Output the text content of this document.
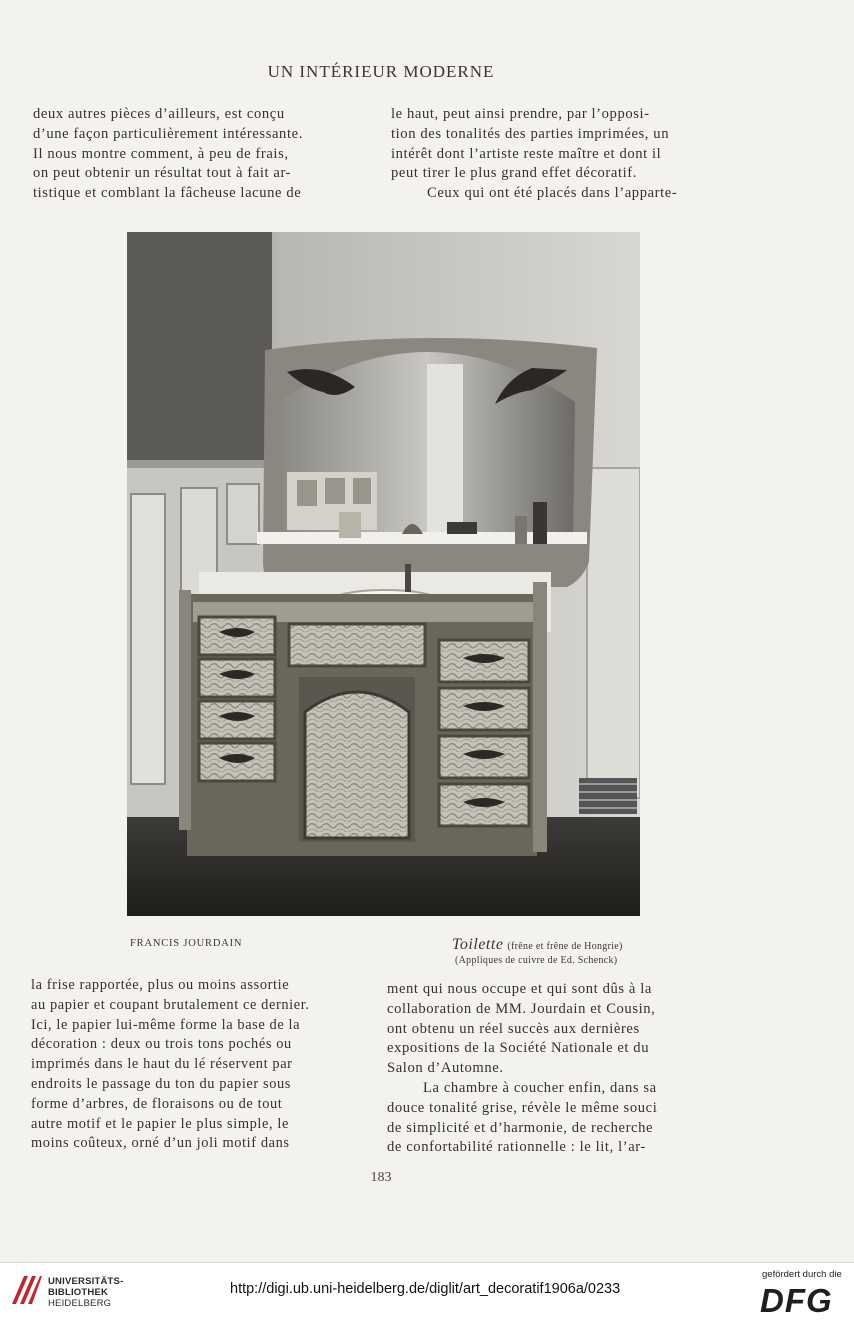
UN INTÉRIEUR MODERNE

deux autres pièces d’ailleurs, est conçu

d’une façon particulièrement intéressante.

Il nous montre comment, à peu de frais,

on peut obtenir un résultat tout à fait ar-

tistique et comblant la fâcheuse lacune de

le haut, peut ainsi prendre, par l’opposi-

tion des tonalités des parties imprimées, un

intérêt dont l’artiste reste maître et dont il

peut tirer le plus grand effet décoratif.

Ceux qui ont été placés dans l’apparte-

FRANCIS JOURDAIN	Toilette (frêne et frêne de Hongrie)
(Appliques de cuivre de Ed. Schenck)

la frise rapportée, plus ou moins assortie

au papier et coupant brutalement ce dernier.

Ici, le papier lui-même forme la base de la

décoration : deux ou trois tons pochés ou

imprimés dans le haut du lé réservent par

endroits le passage du ton du papier sous

forme d’arbres, de floraisons ou de tout

autre motif et le papier le plus simple, le

moins coûteux, orné d’un joli motif dans

ment qui nous occupe et qui sont dûs à la

collaboration de MM. Jourdain et Cousin,

ont obtenu un réel succès aux dernières

expositions de la Société Nationale et du

Salon d’Automne.

La chambre à coucher enfin, dans sa

douce tonalité grise, révèle le même souci

de simplicité et d’harmonie, de recherche

de confortabilité rationnelle : le lit, l’ar-

183
UNIVERSITÄTS-
BIBLIOTHEK
HEIDELBERG
http://digi.ub.uni-heidelberg.de/diglit/art_decoratif1906a/0233
gefördert durch die
DFG
